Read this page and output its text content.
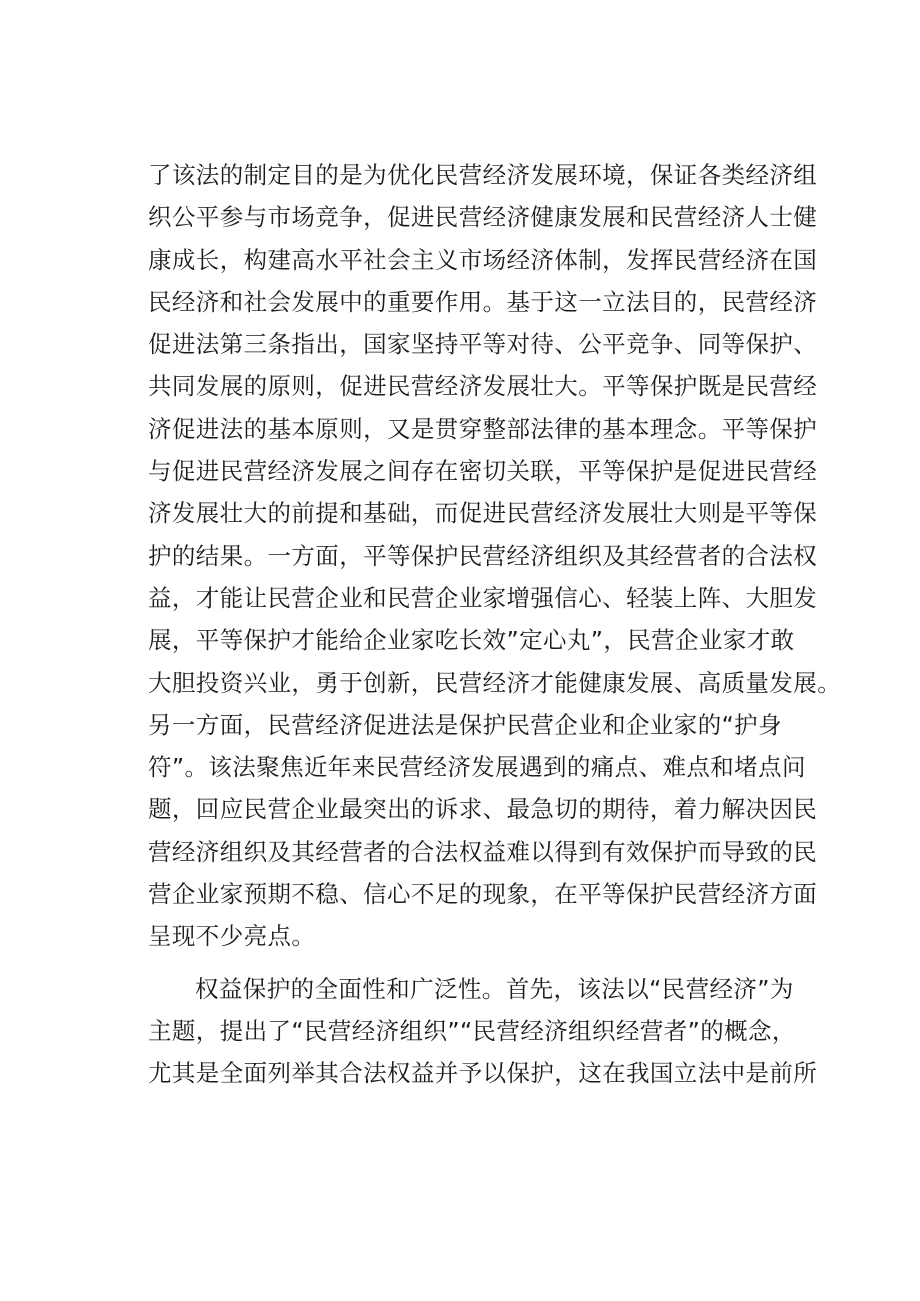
了该法的制定目的是为优化民营经济发展环境，保证各类经济组
织公平参与市场竞争，促进民营经济健康发展和民营经济人士健
康成长，构建高水平社会主义市场经济体制，发挥民营经济在国
民经济和社会发展中的重要作用。基于这一立法目的，民营经济
促进法第三条指出，国家坚持平等对待、公平竞争、同等保护、
共同发展的原则，促进民营经济发展壮大。平等保护既是民营经
济促进法的基本原则，又是贯穿整部法律的基本理念。平等保护
与促进民营经济发展之间存在密切关联，平等保护是促进民营经
济发展壮大的前提和基础，而促进民营经济发展壮大则是平等保
护的结果。一方面，平等保护民营经济组织及其经营者的合法权
益，才能让民营企业和民营企业家增强信心、轻装上阵、大胆发
展，平等保护才能给企业家吃长效”定心丸”，民营企业家才敢
大胆投资兴业，勇于创新，民营经济才能健康发展、高质量发展。
另一方面，民营经济促进法是保护民营企业和企业家的“护身
符”。该法聚焦近年来民营经济发展遇到的痛点、难点和堵点问
题，回应民营企业最突出的诉求、最急切的期待，着力解决因民
营经济组织及其经营者的合法权益难以得到有效保护而导致的民
营企业家预期不稳、信心不足的现象，在平等保护民营经济方面
呈现不少亮点。
权益保护的全面性和广泛性。首先，该法以“民营经济”为
主题，提出了“民营经济组织”“民营经济组织经营者”的概念，
尤其是全面列举其合法权益并予以保护，这在我国立法中是前所
